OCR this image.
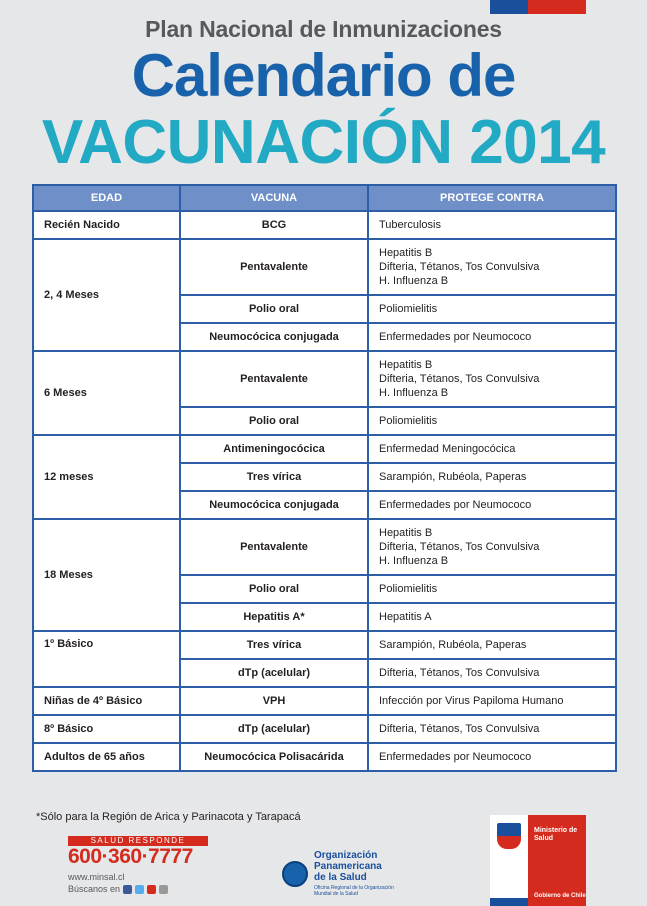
Plan Nacional de Inmunizaciones
Calendario de
VACUNACIÓN 2014
EDAD	VACUNA	PROTEGE CONTRA
Recién Nacido	BCG	Tuberculosis
2, 4 Meses	Pentavalente	Hepatitis B
Difteria, Tétanos, Tos Convulsiva
H. Influenza B
	Polio oral	Poliomielitis
	Neumocócica conjugada	Enfermedades por Neumococo
6 Meses	Pentavalente	Hepatitis B
Difteria, Tétanos, Tos Convulsiva
H. Influenza B
	Polio oral	Poliomielitis
12 meses	Antimeningocócica	Enfermedad Meningocócica
	Tres vírica	Sarampión, Rubéola, Paperas
	Neumocócica conjugada	Enfermedades por Neumococo
18 Meses	Pentavalente	Hepatitis B
Difteria, Tétanos, Tos Convulsiva
H. Influenza B
	Polio oral	Poliomielitis
	Hepatitis A*	Hepatitis A
1º Básico	Tres vírica	Sarampión, Rubéola, Paperas
	dTp (acelular)	Difteria, Tétanos, Tos Convulsiva
Niñas de 4º Básico	VPH	Infección por Virus Papiloma Humano
8º Básico	dTp (acelular)	Difteria, Tétanos, Tos Convulsiva
Adultos de 65 años	Neumocócica Polisacárida	Enfermedades por Neumococo
*Sólo para la Región de Arica y Parinacota y Tarapacá
SALUD RESPONDE
600·360·7777
www.minsal.cl
Búscanos en
Organización Panamericana de la Salud
Oficina Regional de la Organización Mundial de la Salud
Ministerio de Salud
Gobierno de Chile
